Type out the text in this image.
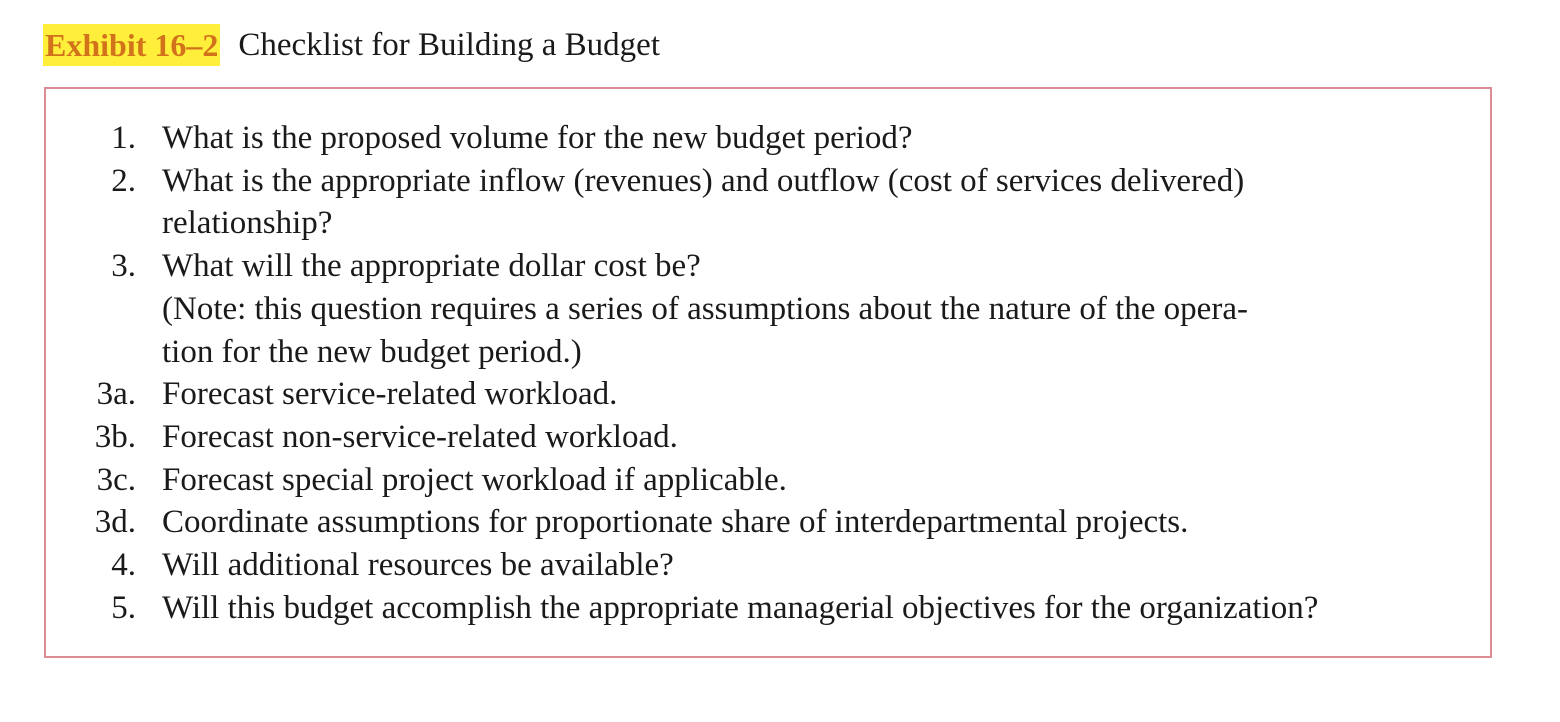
Exhibit 16–2 Checklist for Building a Budget
1. What is the proposed volume for the new budget period?
2. What is the appropriate inflow (revenues) and outflow (cost of services delivered)
relationship?
3. What will the appropriate dollar cost be?
(Note: this question requires a series of assumptions about the nature of the opera-
tion for the new budget period.)
3a. Forecast service-related workload.
3b. Forecast non-service-related workload.
3c. Forecast special project workload if applicable.
3d. Coordinate assumptions for proportionate share of interdepartmental projects.
4. Will additional resources be available?
5. Will this budget accomplish the appropriate managerial objectives for the organization?
